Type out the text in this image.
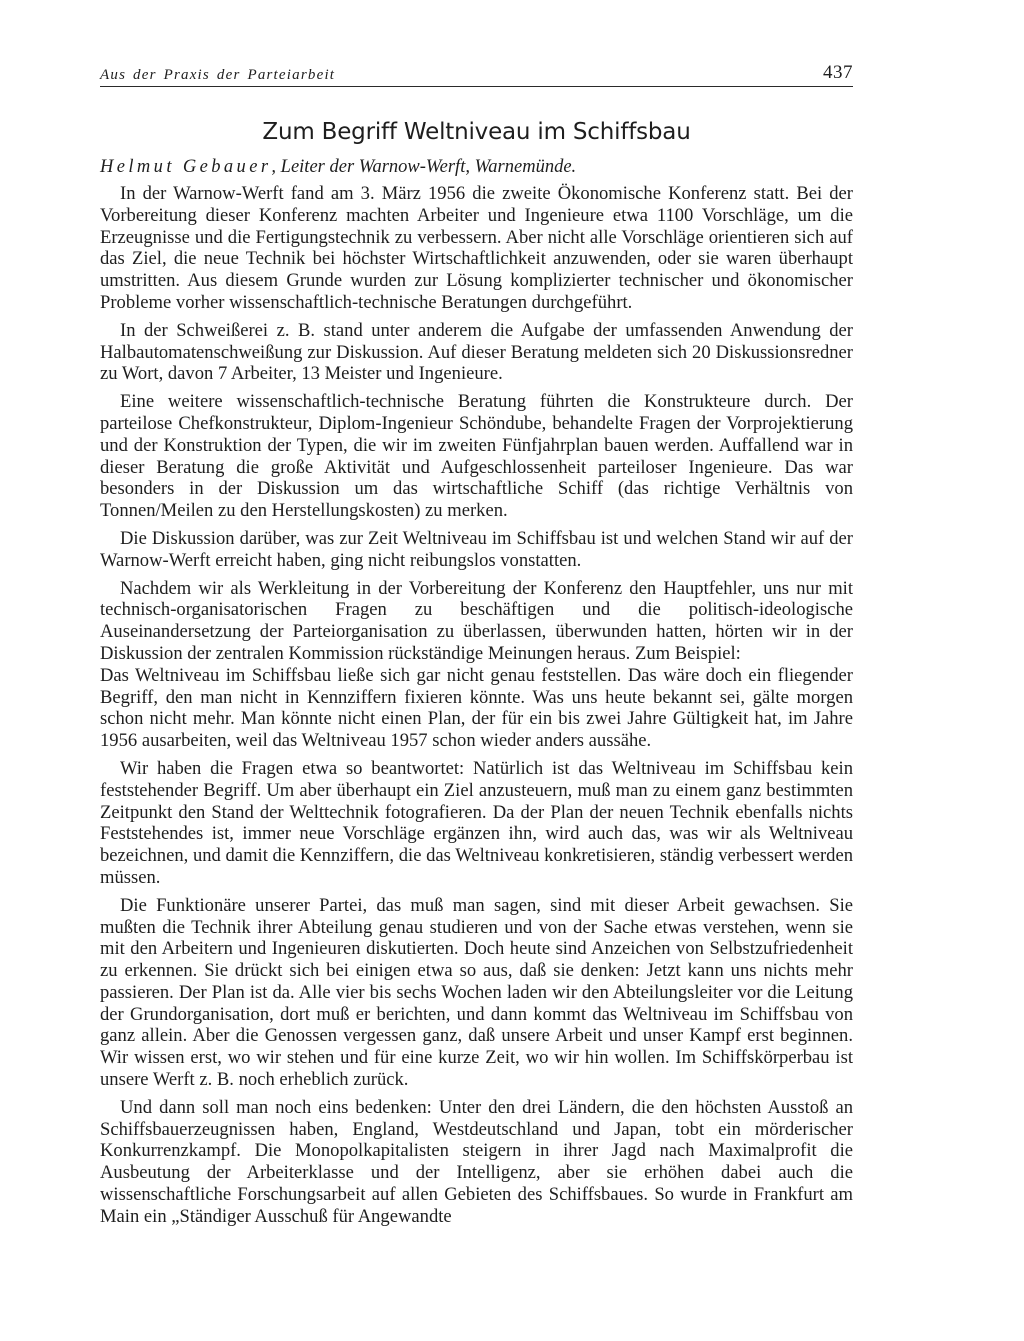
Aus der Praxis der Parteiarbeit	437
Zum Begriff Weltniveau im Schiffsbau
Helmut Gebauer, Leiter der Warnow-Werft, Warnemünde.

In der Warnow-Werft fand am 3. März 1956 die zweite Ökonomische Konferenz statt. Bei der Vorbereitung dieser Konferenz machten Arbeiter und Ingenieure etwa 1100 Vorschläge, um die Erzeugnisse und die Fertigungstechnik zu verbessern. Aber nicht alle Vorschläge orientieren sich auf das Ziel, die neue Technik bei höchster Wirtschaftlichkeit anzuwenden, oder sie waren überhaupt umstritten. Aus diesem Grunde wurden zur Lösung komplizierter technischer und ökonomischer Probleme vorher wissenschaftlich-technische Beratungen durchgeführt.

In der Schweißerei z. B. stand unter anderem die Aufgabe der umfassenden Anwendung der Halbautomatenschweißung zur Diskussion. Auf dieser Beratung meldeten sich 20 Diskussionsredner zu Wort, davon 7 Arbeiter, 13 Meister und Ingenieure.

Eine weitere wissenschaftlich-technische Beratung führten die Konstrukteure durch. Der parteilose Chefkonstrukteur, Diplom-Ingenieur Schöndube, behandelte Fragen der Vorprojektierung und der Konstruktion der Typen, die wir im zweiten Fünfjahrplan bauen werden. Auffallend war in dieser Beratung die große Aktivität und Aufgeschlossenheit parteiloser Ingenieure. Das war besonders in der Diskussion um das wirtschaftliche Schiff (das richtige Verhältnis von Tonnen/Meilen zu den Herstellungskosten) zu merken.

Die Diskussion darüber, was zur Zeit Weltniveau im Schiffsbau ist und welchen Stand wir auf der Warnow-Werft erreicht haben, ging nicht reibungslos vonstatten.

Nachdem wir als Werkleitung in der Vorbereitung der Konferenz den Hauptfehler, uns nur mit technisch-organisatorischen Fragen zu beschäftigen und die politisch-ideologische Auseinandersetzung der Parteiorganisation zu überlassen, überwunden hatten, hörten wir in der Diskussion der zentralen Kommission rückständige Meinungen heraus. Zum Beispiel:

Das Weltniveau im Schiffsbau ließe sich gar nicht genau feststellen. Das wäre doch ein fliegender Begriff, den man nicht in Kennziffern fixieren könnte. Was uns heute bekannt sei, gälte morgen schon nicht mehr. Man könnte nicht einen Plan, der für ein bis zwei Jahre Gültigkeit hat, im Jahre 1956 ausarbeiten, weil das Weltniveau 1957 schon wieder anders aussähe.

Wir haben die Fragen etwa so beantwortet: Natürlich ist das Weltniveau im Schiffsbau kein feststehender Begriff. Um aber überhaupt ein Ziel anzusteuern, muß man zu einem ganz bestimmten Zeitpunkt den Stand der Welttechnik fotografieren. Da der Plan der neuen Technik ebenfalls nichts Feststehendes ist, immer neue Vorschläge ergänzen ihn, wird auch das, was wir als Weltniveau bezeichnen, und damit die Kennziffern, die das Weltniveau konkretisieren, ständig verbessert werden müssen.

Die Funktionäre unserer Partei, das muß man sagen, sind mit dieser Arbeit gewachsen. Sie mußten die Technik ihrer Abteilung genau studieren und von der Sache etwas verstehen, wenn sie mit den Arbeitern und Ingenieuren diskutierten. Doch heute sind Anzeichen von Selbstzufriedenheit zu erkennen. Sie drückt sich bei einigen etwa so aus, daß sie denken: Jetzt kann uns nichts mehr passieren. Der Plan ist da. Alle vier bis sechs Wochen laden wir den Abteilungsleiter vor die Leitung der Grundorganisation, dort muß er berichten, und dann kommt das Weltniveau im Schiffsbau von ganz allein. Aber die Genossen vergessen ganz, daß unsere Arbeit und unser Kampf erst beginnen. Wir wissen erst, wo wir stehen und für eine kurze Zeit, wo wir hin wollen. Im Schiffskörperbau ist unsere Werft z. B. noch erheblich zurück.

Und dann soll man noch eins bedenken: Unter den drei Ländern, die den höchsten Ausstoß an Schiffsbauerzeugnissen haben, England, Westdeutschland und Japan, tobt ein mörderischer Konkurrenzkampf. Die Monopolkapitalisten steigern in ihrer Jagd nach Maximalprofit die Ausbeutung der Arbeiterklasse und der Intelligenz, aber sie erhöhen dabei auch die wissenschaftliche Forschungsarbeit auf allen Gebieten des Schiffsbaues. So wurde in Frankfurt am Main ein „Ständiger Ausschuß für Angewandte
